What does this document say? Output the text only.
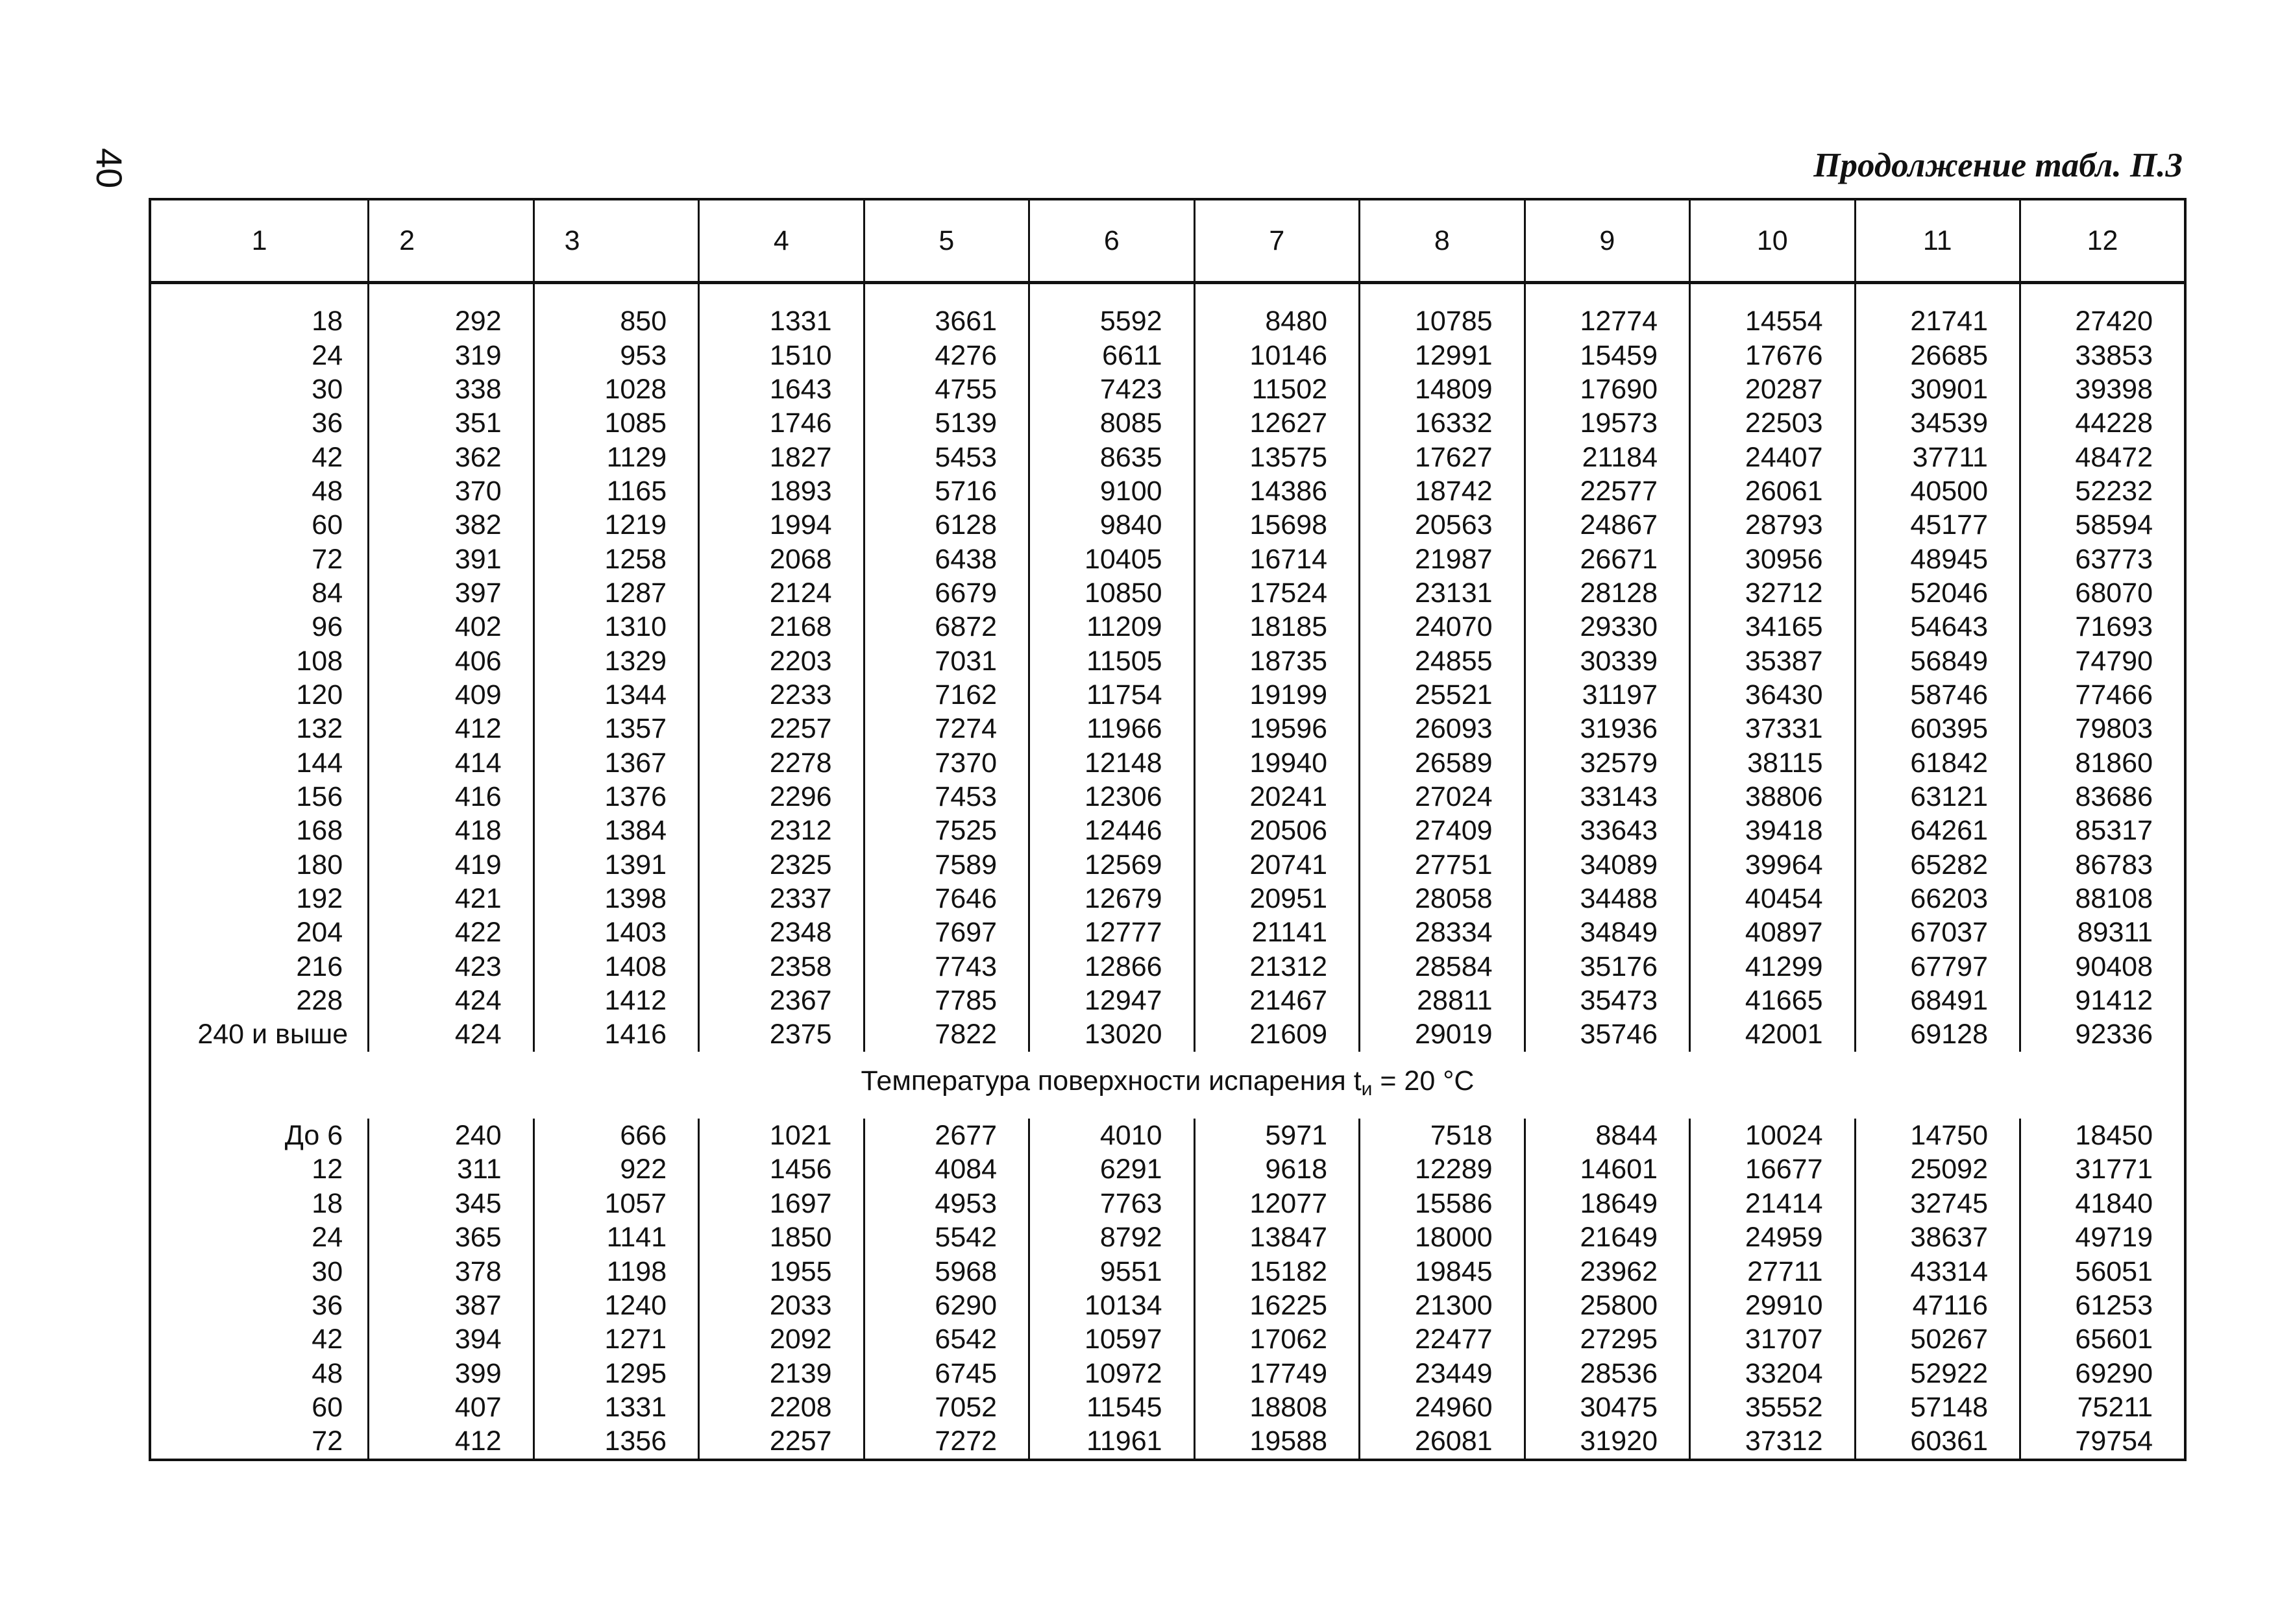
40	Продолжение табл. П.3
1	2	3	4	5	6	7	8	9	10	11	12

18	292	850	1331	3661	5592	8480	10785	12774	14554	21741	27420
24	319	953	1510	4276	6611	10146	12991	15459	17676	26685	33853
30	338	1028	1643	4755	7423	11502	14809	17690	20287	30901	39398
36	351	1085	1746	5139	8085	12627	16332	19573	22503	34539	44228
42	362	1129	1827	5453	8635	13575	17627	21184	24407	37711	48472
48	370	1165	1893	5716	9100	14386	18742	22577	26061	40500	52232
60	382	1219	1994	6128	9840	15698	20563	24867	28793	45177	58594
72	391	1258	2068	6438	10405	16714	21987	26671	30956	48945	63773
84	397	1287	2124	6679	10850	17524	23131	28128	32712	52046	68070
96	402	1310	2168	6872	11209	18185	24070	29330	34165	54643	71693
108	406	1329	2203	7031	11505	18735	24855	30339	35387	56849	74790
120	409	1344	2233	7162	11754	19199	25521	31197	36430	58746	77466
132	412	1357	2257	7274	11966	19596	26093	31936	37331	60395	79803
144	414	1367	2278	7370	12148	19940	26589	32579	38115	61842	81860
156	416	1376	2296	7453	12306	20241	27024	33143	38806	63121	83686
168	418	1384	2312	7525	12446	20506	27409	33643	39418	64261	85317
180	419	1391	2325	7589	12569	20741	27751	34089	39964	65282	86783
192	421	1398	2337	7646	12679	20951	28058	34488	40454	66203	88108
204	422	1403	2348	7697	12777	21141	28334	34849	40897	67037	89311
216	423	1408	2358	7743	12866	21312	28584	35176	41299	67797	90408
228	424	1412	2367	7785	12947	21467	28811	35473	41665	68491	91412
240 и выше	424	1416	2375	7822	13020	21609	29019	35746	42001	69128	92336
Температура поверхности испарения $t_и = 20$ °C											
До 6	240	666	1021	2677	4010	5971	7518	8844	10024	14750	18450
12	311	922	1456	4084	6291	9618	12289	14601	16677	25092	31771
18	345	1057	1697	4953	7763	12077	15586	18649	21414	32745	41840
24	365	1141	1850	5542	8792	13847	18000	21649	24959	38637	49719
30	378	1198	1955	5968	9551	15182	19845	23962	27711	43314	56051
36	387	1240	2033	6290	10134	16225	21300	25800	29910	47116	61253
42	394	1271	2092	6542	10597	17062	22477	27295	31707	50267	65601
48	399	1295	2139	6745	10972	17749	23449	28536	33204	52922	69290
60	407	1331	2208	7052	11545	18808	24960	30475	35552	57148	75211
72	412	1356	2257	7272	11961	19588	26081	31920	37312	60361	79754
